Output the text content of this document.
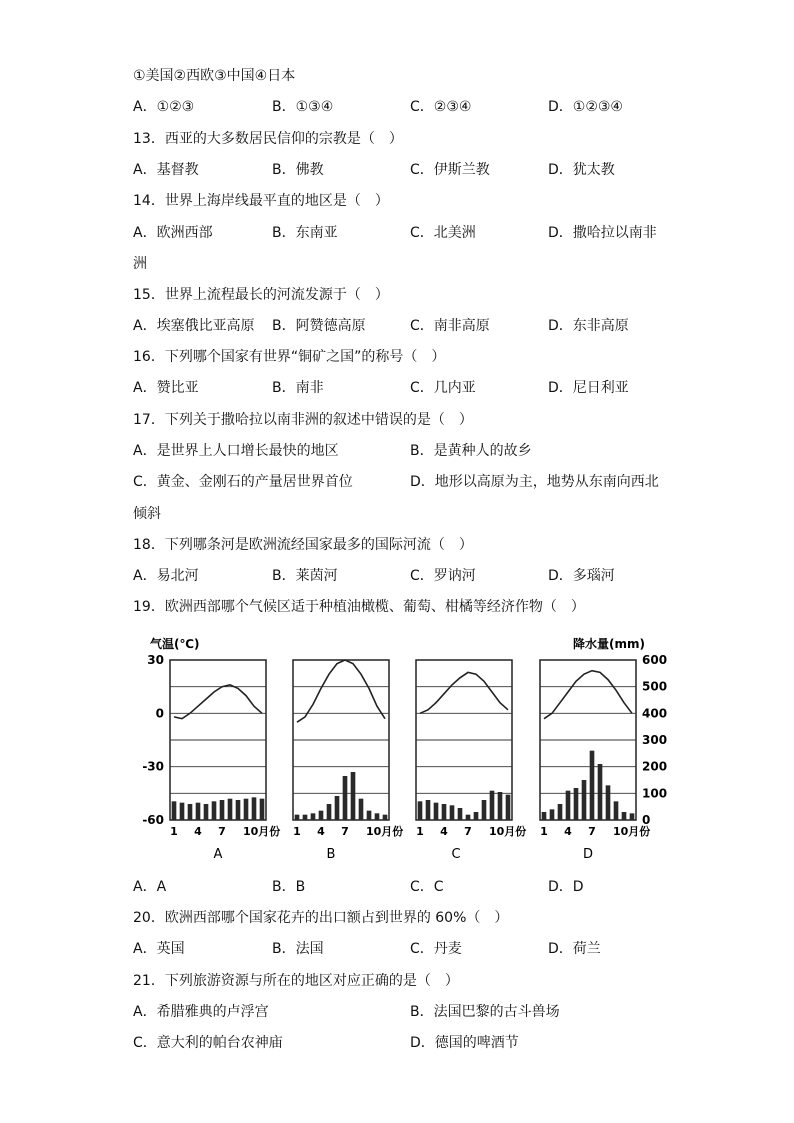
①美国②西欧③中国④日本
A．①②③	B．①③④	C．②③④	D．①②③④
13．西亚的大多数居民信仰的宗教是（　）
A．基督教	B．佛教	C．伊斯兰教	D．犹太教
14．世界上海岸线最平直的地区是（　）
A．欧洲西部	B．东南亚	C．北美洲	D．撒哈拉以南非
洲
15．世界上流程最长的河流发源于（　）
A．埃塞俄比亚高原 B．阿赞德高原	C．南非高原	D．东非高原
16．下列哪个国家有世界“铜矿之国”的称号（　）
A．赞比亚	B．南非	C．几内亚	D．尼日利亚
17．下列关于撒哈拉以南非洲的叙述中错误的是（　）
A．是世界上人口增长最快的地区	B．是黄种人的故乡
C．黄金、金刚石的产量居世界首位	D．地形以高原为主，地势从东南向西北
倾斜
18．下列哪条河是欧洲流经国家最多的国际河流（　）
A．易北河	B．莱茵河	C．罗讷河	D．多瑙河
19．欧洲西部哪个气候区适于种植油橄榄、葡萄、柑橘等经济作物（　）
气温(℃)	降水量(mm)
30
0
-30
-60
600
500
400
300
200
100
0
1 4 7 10月份
A
1 4 7 10月份
B
1 4 7 10月份
C
1 4 7 10月份
D
A．A	B．B	C．C	D．D
20．欧洲西部哪个国家花卉的出口额占到世界的 60%（　）
A．英国	B．法国	C．丹麦	D．荷兰
21．下列旅游资源与所在的地区对应正确的是（　）
A．希腊雅典的卢浮宫	B．法国巴黎的古斗兽场
C．意大利的帕台农神庙	D．德国的啤酒节
